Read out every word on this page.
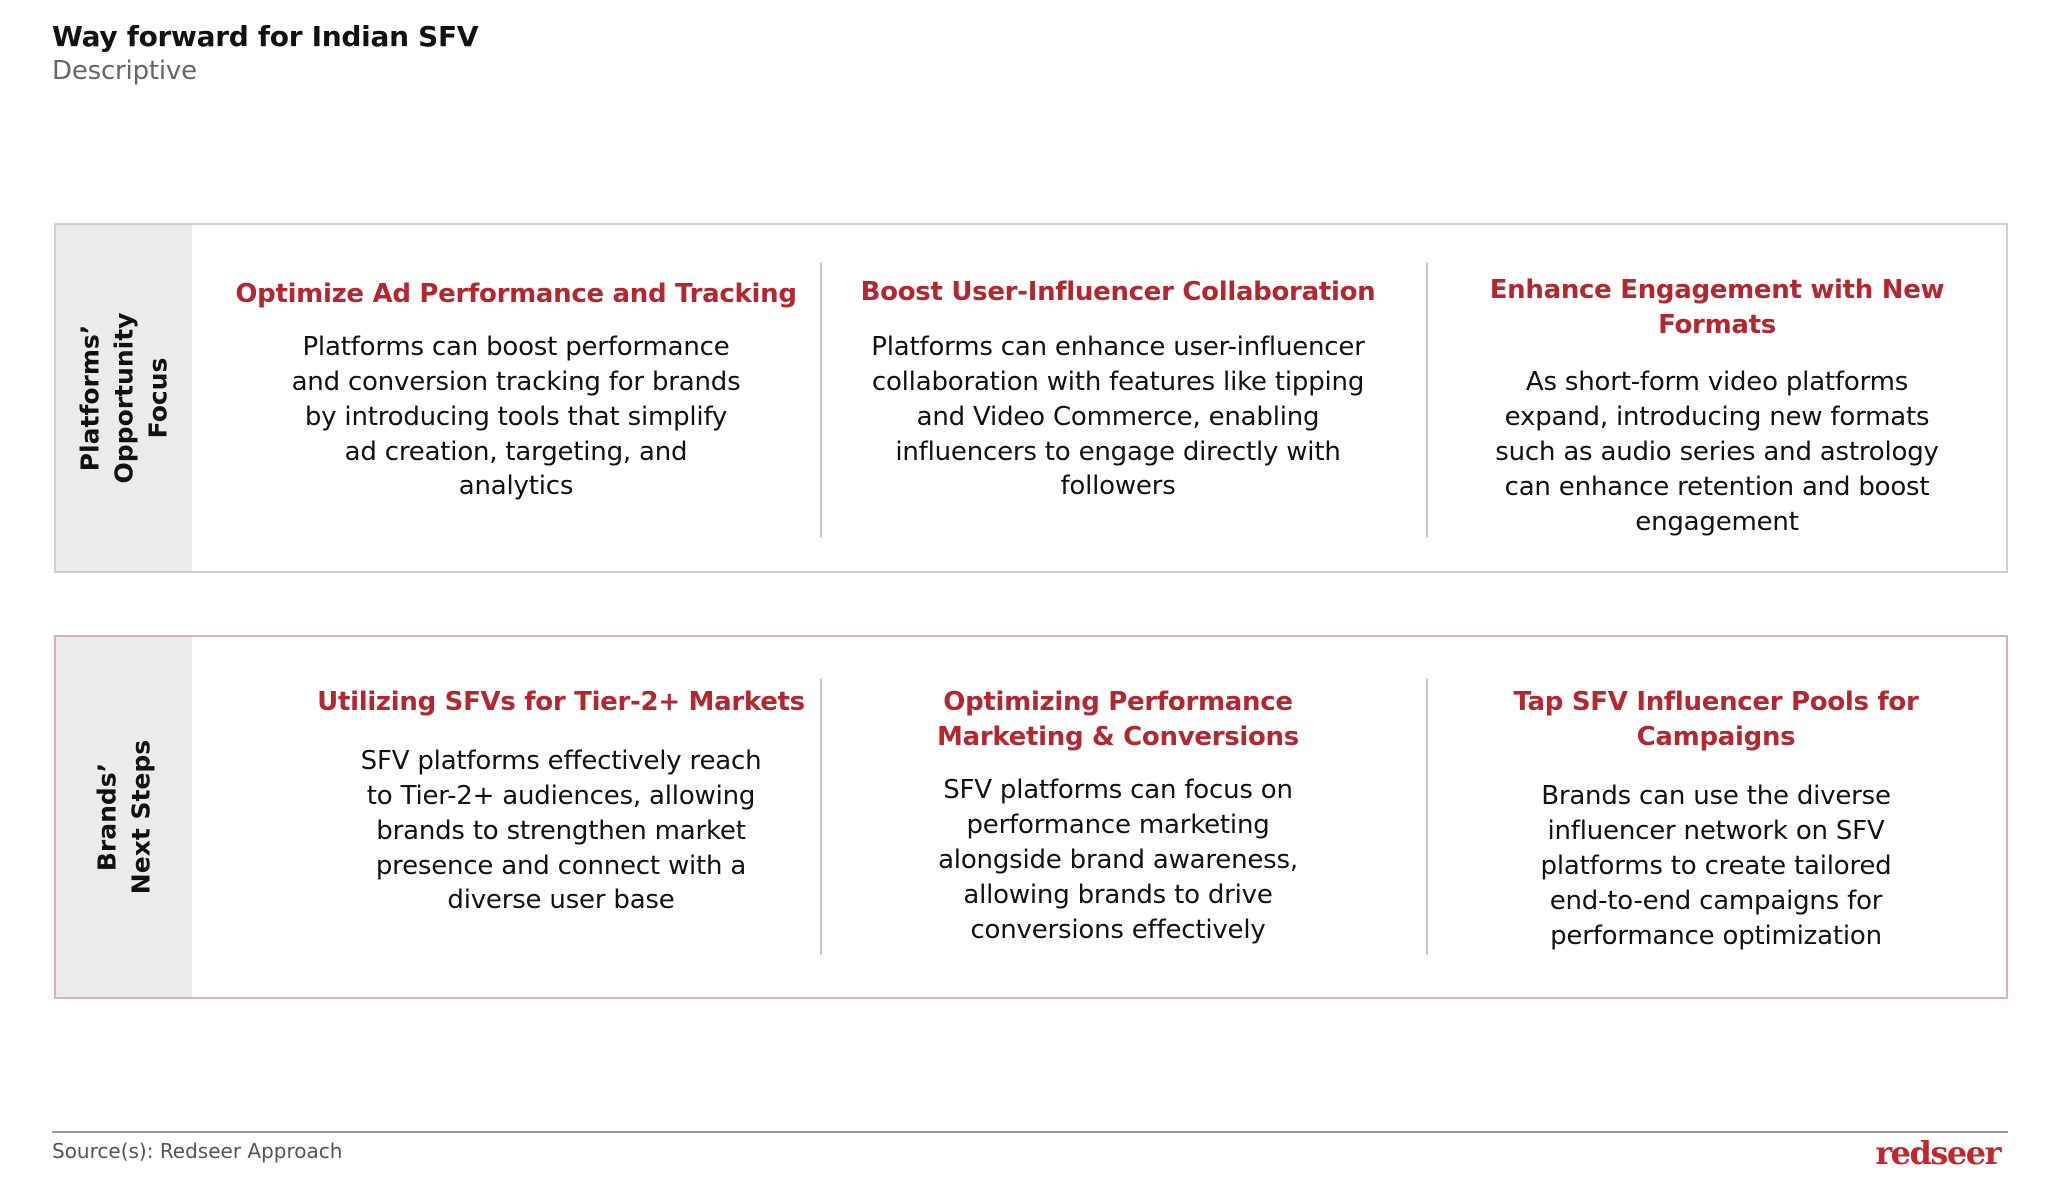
Way forward for Indian SFV
Descriptive
Platforms’ Opportunity Focus
Optimize Ad Performance and Tracking
Platforms can boost performance and conversion tracking for brands by introducing tools that simplify ad creation, targeting, and analytics
Boost User-Influencer Collaboration
Platforms can enhance user-influencer collaboration with features like tipping and Video Commerce, enabling influencers to engage directly with followers
Enhance Engagement with New Formats
As short-form video platforms expand, introducing new formats such as audio series and astrology can enhance retention and boost engagement
Brands’ Next Steps
Utilizing SFVs for Tier-2+ Markets
SFV platforms effectively reach to Tier-2+ audiences, allowing brands to strengthen market presence and connect with a diverse user base
Optimizing Performance Marketing & Conversions
SFV platforms can focus on performance marketing alongside brand awareness, allowing brands to drive conversions effectively
Tap SFV Influencer Pools for Campaigns
Brands can use the diverse influencer network on SFV platforms to create tailored end-to-end campaigns for performance optimization
Source(s): Redseer Approach	redseer
